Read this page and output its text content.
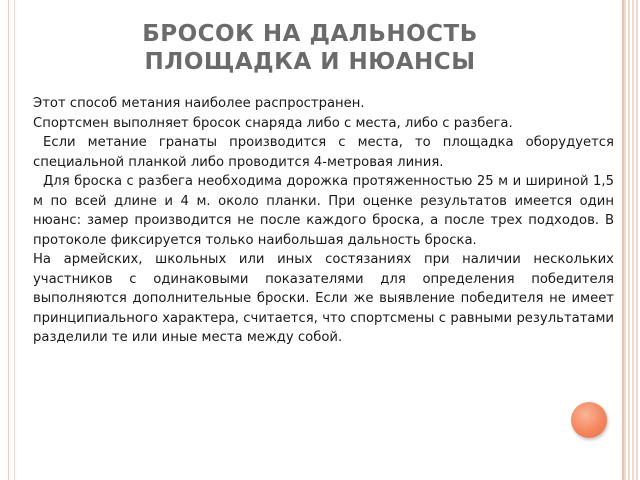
БРОСОК НА ДАЛЬНОСТЬ
ПЛОЩАДКА И НЮАНСЫ

Этот способ метания наиболее распространен.

Спортсмен выполняет бросок снаряда либо с места, либо с разбега.

Если метание гранаты производится с места, то площадка оборудуется специальной планкой либо проводится 4-метровая линия.

Для броска с разбега необходима дорожка протяженностью 25 м и шириной 1,5 м по всей длине и 4 м. около планки. При оценке результатов имеется один нюанс: замер производится не после каждого броска, а после трех подходов. В протоколе фиксируется только наибольшая дальность броска.

На армейских, школьных или иных состязаниях при наличии нескольких участников с одинаковыми показателями для определения победителя выполняются дополнительные броски. Если же выявление победителя не имеет принципиального характера, считается, что спортсмены с равными результатами разделили те или иные места между собой.
